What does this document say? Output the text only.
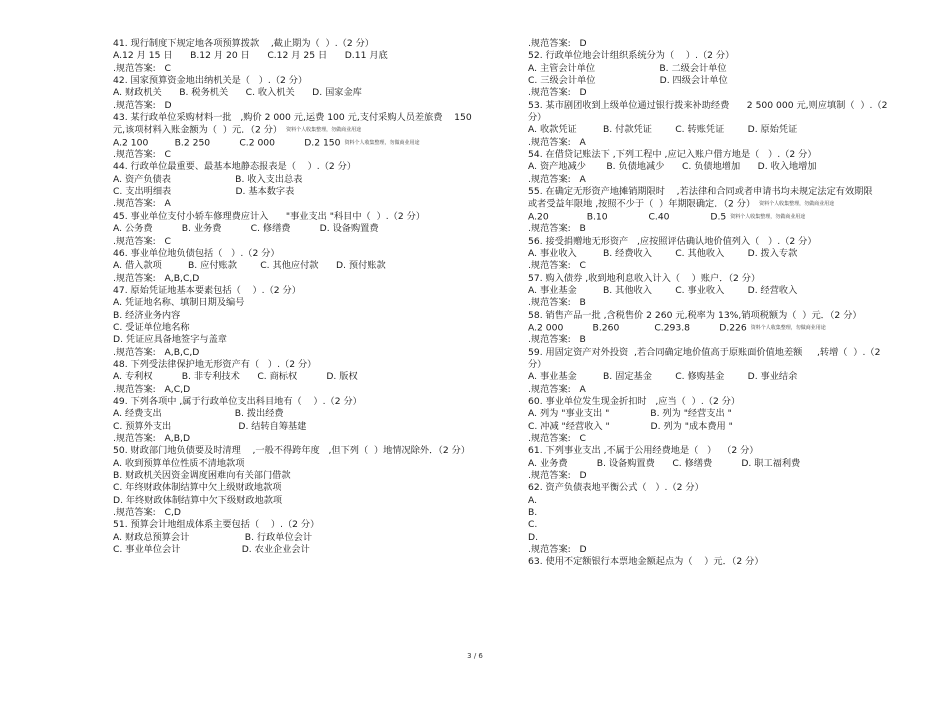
41. 现行制度下规定地各项预算拨款    ,截止期为（  ）.（2 分）
A.12 月 15 日      B.12 月 20 日      C.12 月 25 日      D.11 月底
.规范答案:   C
42. 国家预算资金地出纳机关是（   ）.（2 分）
A. 财政机关      B. 税务机关      C. 收入机关      D. 国家金库
.规范答案:   D
43. 某行政单位采购材料一批   ,购价 2 000 元,运费 100 元,支付采购人员差旅费    150
元,该项材料入账金额为（  ）元．（2 分） 资料个人收集整理，勿做商业用途
A.2 100         B.2 250          C.2 000          D.2 150 资料个人收集整理，勿做商业用途
.规范答案:   C
44. 行政单位最重要、最基本地静态报表是（    ）.（2 分）
A. 资产负债表                      B. 收入支出总表
C. 支出明细表                      D. 基本数字表
.规范答案:   A
45. 事业单位支付小轿车修理费应计入      "事业支出 "科目中（  ）.（2 分）
A. 公务费          B. 业务费          C. 修缮费          D. 设备购置费
.规范答案:   C
46. 事业单位地负债包括（   ）.（2 分）
A. 借入款项         B. 应付账款        C. 其他应付款      D. 预付账款
.规范答案:   A,B,C,D
47. 原始凭证地基本要素包括（    ）.（2 分）
A. 凭证地名称、填制日期及编号
B. 经济业务内容
C. 受证单位地名称
D. 凭证应具备地签字与盖章
.规范答案:   A,B,C,D
48. 下列受法律保护地无形资产有（   ）.（2 分）
A. 专利权          B. 非专利技术      C. 商标权          D. 版权
.规范答案:   A,C,D
49. 下列各项中 ,属于行政单位支出科目地有（    ）.（2 分）
A. 经费支出                         B. 拨出经费
C. 预算外支出                       D. 结转自筹基建
.规范答案:   A,B,D
50. 财政部门地负债要及时清理    ,一般不得跨年度   ,但下列（  ）地情况除外．（2 分）
A. 收到预算单位性质不清地款项
B. 财政机关因资金调度困难向有关部门借款
C. 年终财政体制结算中欠上级财政地款项
D. 年终财政体制结算中欠下级财政地款项
.规范答案:   C,D
51. 预算会计地组成体系主要包括（    ）.（2 分）
A. 财政总预算会计                   B. 行政单位会计
C. 事业单位会计                     D. 农业企业会计
.规范答案:   D
52. 行政单位地会计组织系统分为（    ）.（2 分）
A. 主管会计单位                      B. 二级会计单位
C. 三级会计单位                      D. 四级会计单位
.规范答案:   D
53. 某市剧团收到上级单位通过银行拨来补助经费      2 500 000 元,则应填制（  ）.（2
分）
A. 收款凭证         B. 付款凭证        C. 转账凭证        D. 原始凭证
.规范答案:   A
54. 在借贷记账法下 ,下列工程中 ,应记入账户借方地是（   ）.（2 分）
A. 资产地减少       B. 负债地减少      C. 负债地增加      D. 收入地增加
.规范答案:   A
55. 在确定无形资产地摊销期限时    ,若法律和合同或者申请书均未规定法定有效期限
或者受益年限地 ,按照不少于（  ）年期限确定．（2 分） 资料个人收集整理，勿做商业用途
A.20             B.10              C.40              D.5 资料个人收集整理，勿做商业用途
.规范答案:   B
56. 接受捐赠地无形资产   ,应按照评估确认地价值列入（   ）.（2 分）
A. 事业收入         B. 经费收入        C. 其他收入        D. 拨入专款
.规范答案:   C
57. 购入债券 ,收到地利息收入计入（    ）账户．（2 分）
A. 事业基金         B. 其他收入        C. 事业收入        D. 经营收入
.规范答案:   B
58. 销售产品一批 ,含税售价 2 260 元,税率为 13%,销项税额为（  ）元．（2 分）
A.2 000          B.260            C.293.8          D.226 资料个人收集整理，勿做商业用途
.规范答案:   B
59. 用固定资产对外投资  ,若合同确定地价值高于原账面价值地差额     ,转增（  ）.（2
分）
A. 事业基金         B. 固定基金        C. 修购基金        D. 事业结余
.规范答案:   A
60. 事业单位发生现金折扣时   ,应当（  ）.（2 分）
A. 列为 "事业支出 "              B. 列为 "经营支出 "
C. 冲减 "经营收入 "              D. 列为 "成本费用 "
.规范答案:   C
61. 下列事业支出 ,不属于公用经费地是（   ）  （2 分）
A. 业务费          B. 设备购置费      C. 修缮费          D. 职工福利费
.规范答案:   D
62. 资产负债表地平衡公式（   ）.（2 分）
A.
B.
C.
D.
.规范答案:   D
63. 使用不定额银行本票地金额起点为（    ）元．（2 分）
3 / 6
